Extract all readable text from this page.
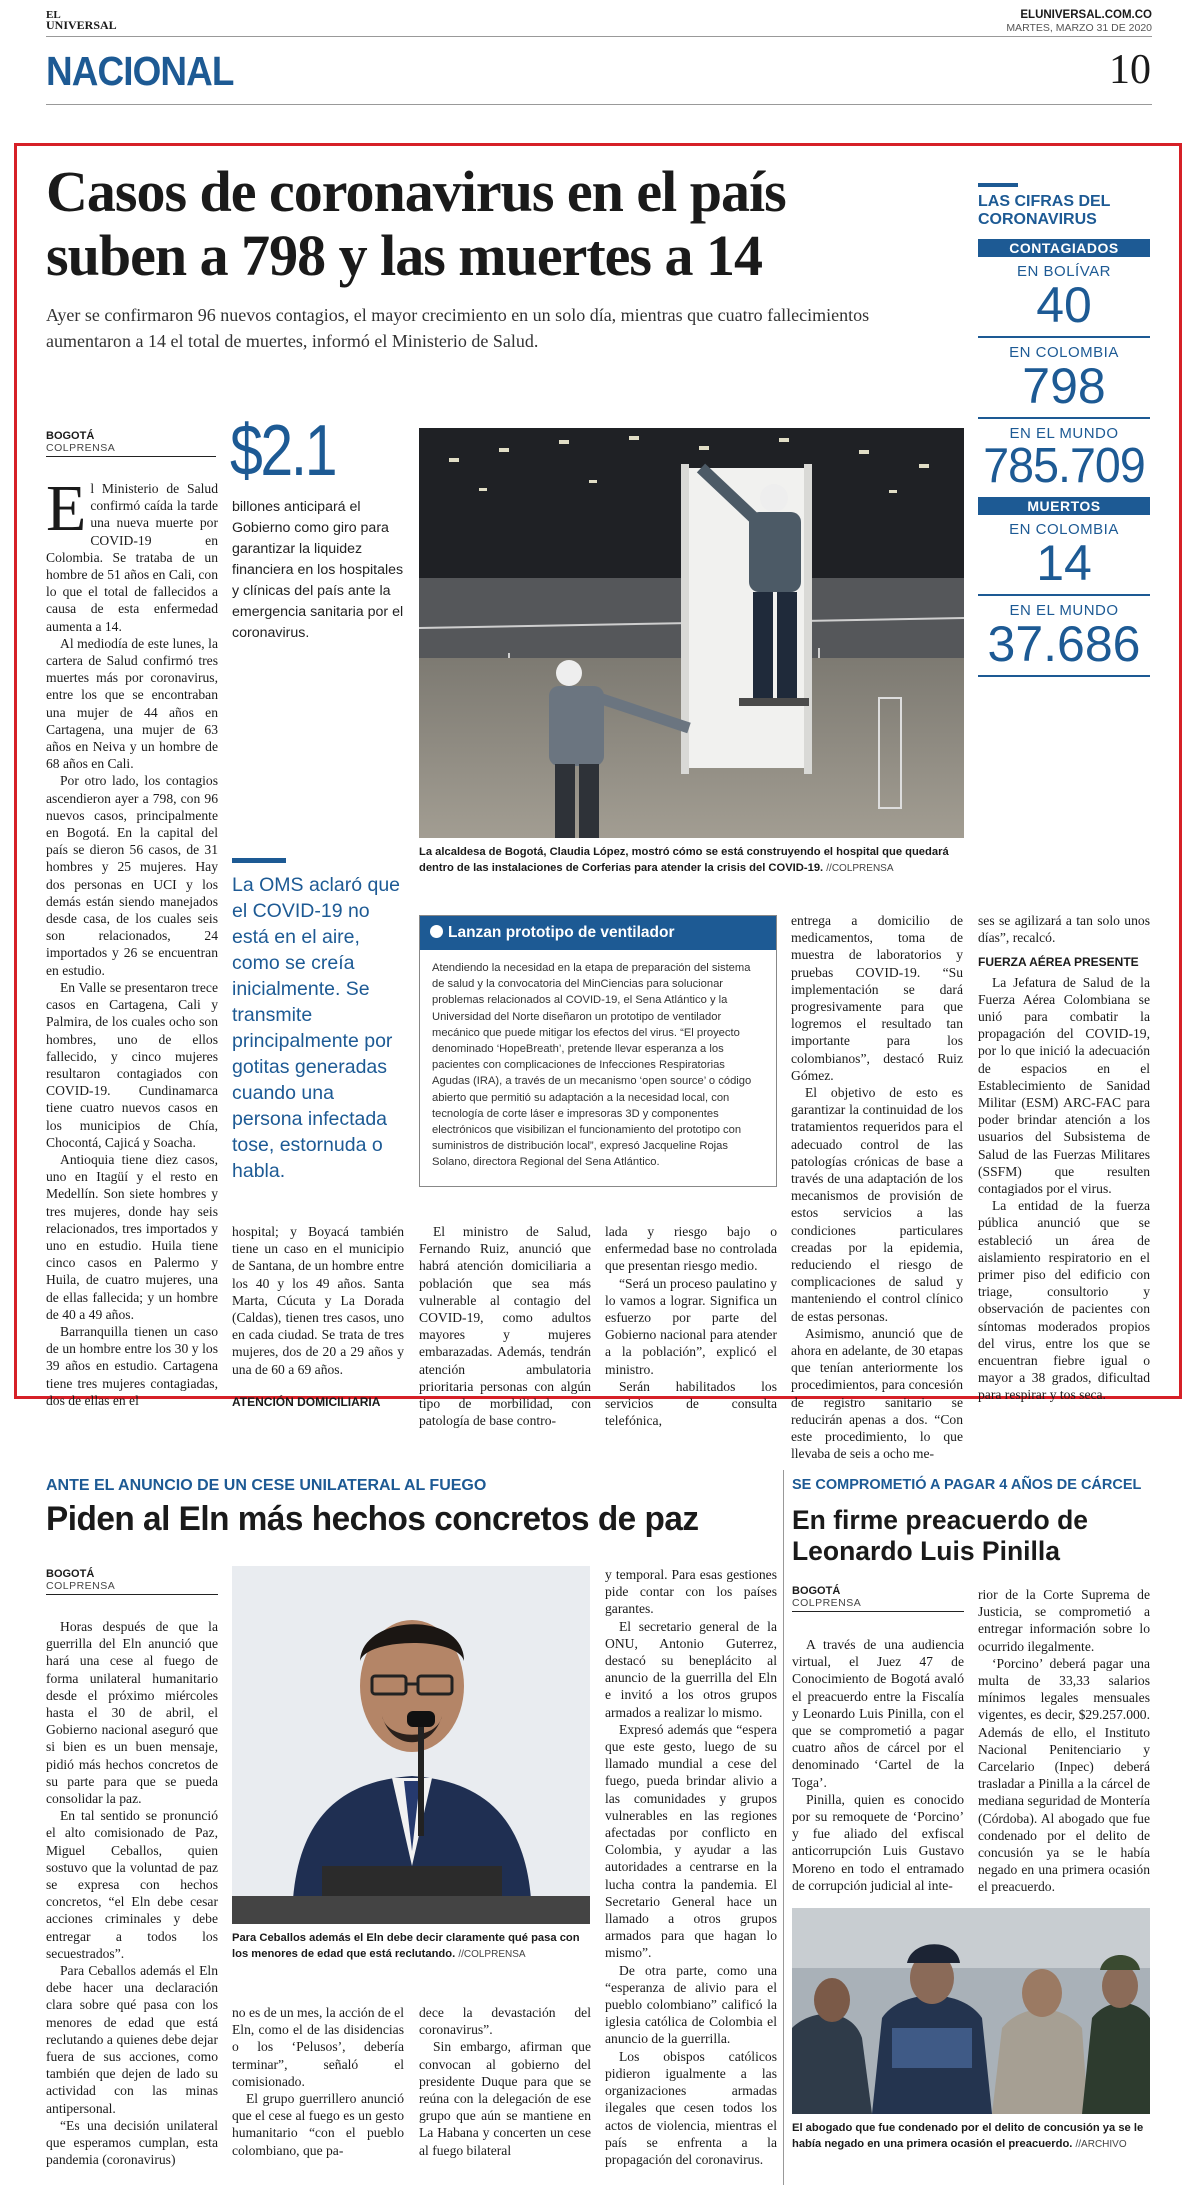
EL
UNIVERSAL
ELUNIVERSAL.COM.CO
MARTES, MARZO 31 DE 2020
NACIONAL	10
Casos de coronavirus en el país
suben a 798 y las muertes a 14
Ayer se confirmaron 96 nuevos contagios, el mayor crecimiento en un solo día, mientras que cuatro fallecimientos aumentaron a 14 el total de muertes, informó el Ministerio de Salud.
BOGOTÁ
COLPRENSA

El Ministerio de Salud confirmó caída la tarde una nueva muerte por COVID-19 en Colombia. Se trataba de un hombre de 51 años en Cali, con lo que el total de fallecidos a causa de esta enfermedad aumenta a 14.

Al mediodía de este lunes, la cartera de Salud confirmó tres muertes más por coronavirus, entre los que se encontraban una mujer de 44 años en Cartagena, una mujer de 63 años en Neiva y un hombre de 68 años en Cali.

Por otro lado, los contagios ascendieron ayer a 798, con 96 nuevos casos, principalmente en Bogotá. En la capital del país se dieron 56 casos, de 31 hombres y 25 mujeres. Hay dos personas en UCI y los demás están siendo manejados desde casa, de los cuales seis son relacionados, 24 importados y 26 se encuentran en estudio.

En Valle se presentaron trece casos en Cartagena, Cali y Palmira, de los cuales ocho son hombres, uno de ellos fallecido, y cinco mujeres resultaron contagiados con COVID-19. Cundinamarca tiene cuatro nuevos casos en los municipios de Chía, Chocontá, Cajicá y Soacha.

Antioquia tiene diez casos, uno en Itagüí y el resto en Medellín. Son siete hombres y tres mujeres, donde hay seis relacionados, tres importados y uno en estudio. Huila tiene cinco casos en Palermo y Huila, de cuatro mujeres, una de ellas fallecida; y un hombre de 40 a 49 años.

Barranquilla tienen un caso de un hombre entre los 30 y los 39 años en estudio. Cartagena tiene tres mujeres contagiadas, dos de ellas en el

$2.1
billones anticipará el Gobierno como giro para garantizar la liquidez financiera en los hospitales y clínicas del país ante la emergencia sanitaria por el coronavirus.
La OMS aclaró que el COVID-19 no está en el aire, como se creía inicialmente. Se transmite principalmente por gotitas generadas cuando una persona infectada tose, estornuda o habla.

hospital; y Boyacá también tiene un caso en el municipio de Santana, de un hombre entre los 40 y los 49 años. Santa Marta, Cúcuta y La Dorada (Caldas), tienen tres casos, uno en cada ciudad. Se trata de tres mujeres, dos de 20 a 29 años y una de 60 a 69 años.

ATENCIÓN DOMICILIARIA
La alcaldesa de Bogotá, Claudia López, mostró cómo se está construyendo el hospital que quedará dentro de las instalaciones de Corferias para atender la crisis del COVID-19. //COLPRENSA
Lanzan prototipo de ventilador
Atendiendo la necesidad en la etapa de preparación del sistema de salud y la convocatoria del MinCiencias para solucionar problemas relacionados al COVID-19, el Sena Atlántico y la Universidad del Norte diseñaron un prototipo de ventilador mecánico que puede mitigar los efectos del virus. “El proyecto denominado ‘HopeBreath’, pretende llevar esperanza a los pacientes con complicaciones de Infecciones Respiratorias Agudas (IRA), a través de un mecanismo ‘open source’ o código abierto que permitió su adaptación a la necesidad local, con tecnología de corte láser e impresoras 3D y componentes electrónicos que visibilizan el funcionamiento del prototipo con suministros de distribución local”, expresó Jacqueline Rojas Solano, directora Regional del Sena Atlántico.

El ministro de Salud, Fernando Ruiz, anunció que habrá atención domiciliaria a población que sea más vulnerable al contagio del COVID-19, como adultos mayores y mujeres embarazadas. Además, tendrán atención ambulatoria prioritaria personas con algún tipo de morbilidad, con patología de base contro-

lada y riesgo bajo o enfermedad base no controlada que presentan riesgo medio.

“Será un proceso paulatino y lo vamos a lograr. Significa un esfuerzo por parte del Gobierno nacional para atender a la población”, explicó el ministro.

Serán habilitados los servicios de consulta telefónica,

entrega a domicilio de medicamentos, toma de muestra de laboratorios y pruebas COVID-19. “Su implementación se dará progresivamente para que logremos el resultado tan importante para los colombianos”, destacó Ruiz Gómez.

El objetivo de esto es garantizar la continuidad de los tratamientos requeridos para el adecuado control de las patologías crónicas de base a través de una adaptación de los mecanismos de provisión de estos servicios a las condiciones particulares creadas por la epidemia, reduciendo el riesgo de complicaciones de salud y manteniendo el control clínico de estas personas.

Asimismo, anunció que de ahora en adelante, de 30 etapas que tenían anteriormente los procedimientos, para concesión de registro sanitario se reducirán apenas a dos. “Con este procedimiento, lo que llevaba de seis a ocho me-

ses se agilizará a tan solo unos días”, recalcó.

FUERZA AÉREA PRESENTE

La Jefatura de Salud de la Fuerza Aérea Colombiana se unió para combatir la propagación del COVID-19, por lo que inició la adecuación de espacios en el Establecimiento de Sanidad Militar (ESM) ARC-FAC para poder brindar atención a los usuarios del Subsistema de Salud de las Fuerzas Militares (SSFM) que resulten contagiados por el virus.

La entidad de la fuerza pública anunció que se estableció un área de aislamiento respiratorio en el primer piso del edificio con triage, consultorio y observación de pacientes con síntomas moderados propios del virus, entre los que se encuentran fiebre igual o mayor a 38 grados, dificultad para respirar y tos seca.

LAS CIFRAS DEL
CORONAVIRUS
CONTAGIADOS
EN BOLÍVAR
40
EN COLOMBIA
798
EN EL MUNDO
785.709
MUERTOS
EN COLOMBIA
14
EN EL MUNDO
37.686
ANTE EL ANUNCIO DE UN CESE UNILATERAL AL FUEGO
Piden al Eln más hechos concretos de paz
BOGOTÁ
COLPRENSA

Horas después de que la guerrilla del Eln anunció que hará una cese al fuego de forma unilateral humanitario desde el próximo miércoles hasta el 30 de abril, el Gobierno nacional aseguró que si bien es un buen mensaje, pidió más hechos concretos de su parte para que se pueda consolidar la paz.

En tal sentido se pronunció el alto comisionado de Paz, Miguel Ceballos, quien sostuvo que la voluntad de paz se expresa con hechos concretos, “el Eln debe cesar acciones criminales y debe entregar a todos los secuestrados”.

Para Ceballos además el Eln debe hacer una declaración clara sobre qué pasa con los menores de edad que está reclutando a quienes debe dejar fuera de sus acciones, como también que dejen de lado su actividad con las minas antipersonal.

“Es una decisión unilateral que esperamos cumplan, esta pandemia (coronavirus)

Para Ceballos además el Eln debe decir claramente qué pasa con los menores de edad que está reclutando. //COLPRENSA

no es de un mes, la acción de el Eln, como el de las disidencias o los ‘Pelusos’, debería terminar”, señaló el comisionado.

El grupo guerrillero anunció que el cese al fuego es un gesto humanitario “con el pueblo colombiano, que pa-

dece la devastación del coronavirus”.

Sin embargo, afirman que convocan al gobierno del presidente Duque para que se reúna con la delegación de ese grupo que aún se mantiene en La Habana y concerten un cese al fuego bilateral

y temporal. Para esas gestiones pide contar con los países garantes.

El secretario general de la ONU, Antonio Guterrez, destacó su beneplácito al anuncio de la guerrilla del Eln e invitó a los otros grupos armados a realizar lo mismo.

Expresó además que “espera que este gesto, luego de su llamado mundial a cese del fuego, pueda brindar alivio a las comunidades y grupos vulnerables en las regiones afectadas por conflicto en Colombia, y ayudar a las autoridades a centrarse en la lucha contra la pandemia. El Secretario General hace un llamado a otros grupos armados para que hagan lo mismo”.

De otra parte, como una “esperanza de alivio para el pueblo colombiano” calificó la iglesia católica de Colombia el anuncio de la guerrilla.

Los obispos católicos pidieron igualmente a las organizaciones armadas ilegales que cesen todos los actos de violencia, mientras el país se enfrenta a la propagación del coronavirus.

SE COMPROMETIÓ A PAGAR 4 AÑOS DE CÁRCEL
En firme preacuerdo de
Leonardo Luis Pinilla
BOGOTÁ
COLPRENSA

A través de una audiencia virtual, el Juez 47 de Conocimiento de Bogotá avaló el preacuerdo entre la Fiscalía y Leonardo Luis Pinilla, con el que se comprometió a pagar cuatro años de cárcel por el denominado ‘Cartel de la Toga’.

Pinilla, quien es conocido por su remoquete de ‘Porcino’ y fue aliado del exfiscal anticorrupción Luis Gustavo Moreno en todo el entramado de corrupción judicial al inte-

rior de la Corte Suprema de Justicia, se comprometió a entregar información sobre lo ocurrido ilegalmente.

‘Porcino’ deberá pagar una multa de 33,33 salarios mínimos legales mensuales vigentes, es decir, $29.257.000. Además de ello, el Instituto Nacional Penitenciario y Carcelario (Inpec) deberá trasladar a Pinilla a la cárcel de mediana seguridad de Montería (Córdoba). Al abogado que fue condenado por el delito de concusión ya se le había negado en una primera ocasión el preacuerdo.

El abogado que fue condenado por el delito de concusión ya se le había negado en una primera ocasión el preacuerdo. //ARCHIVO
